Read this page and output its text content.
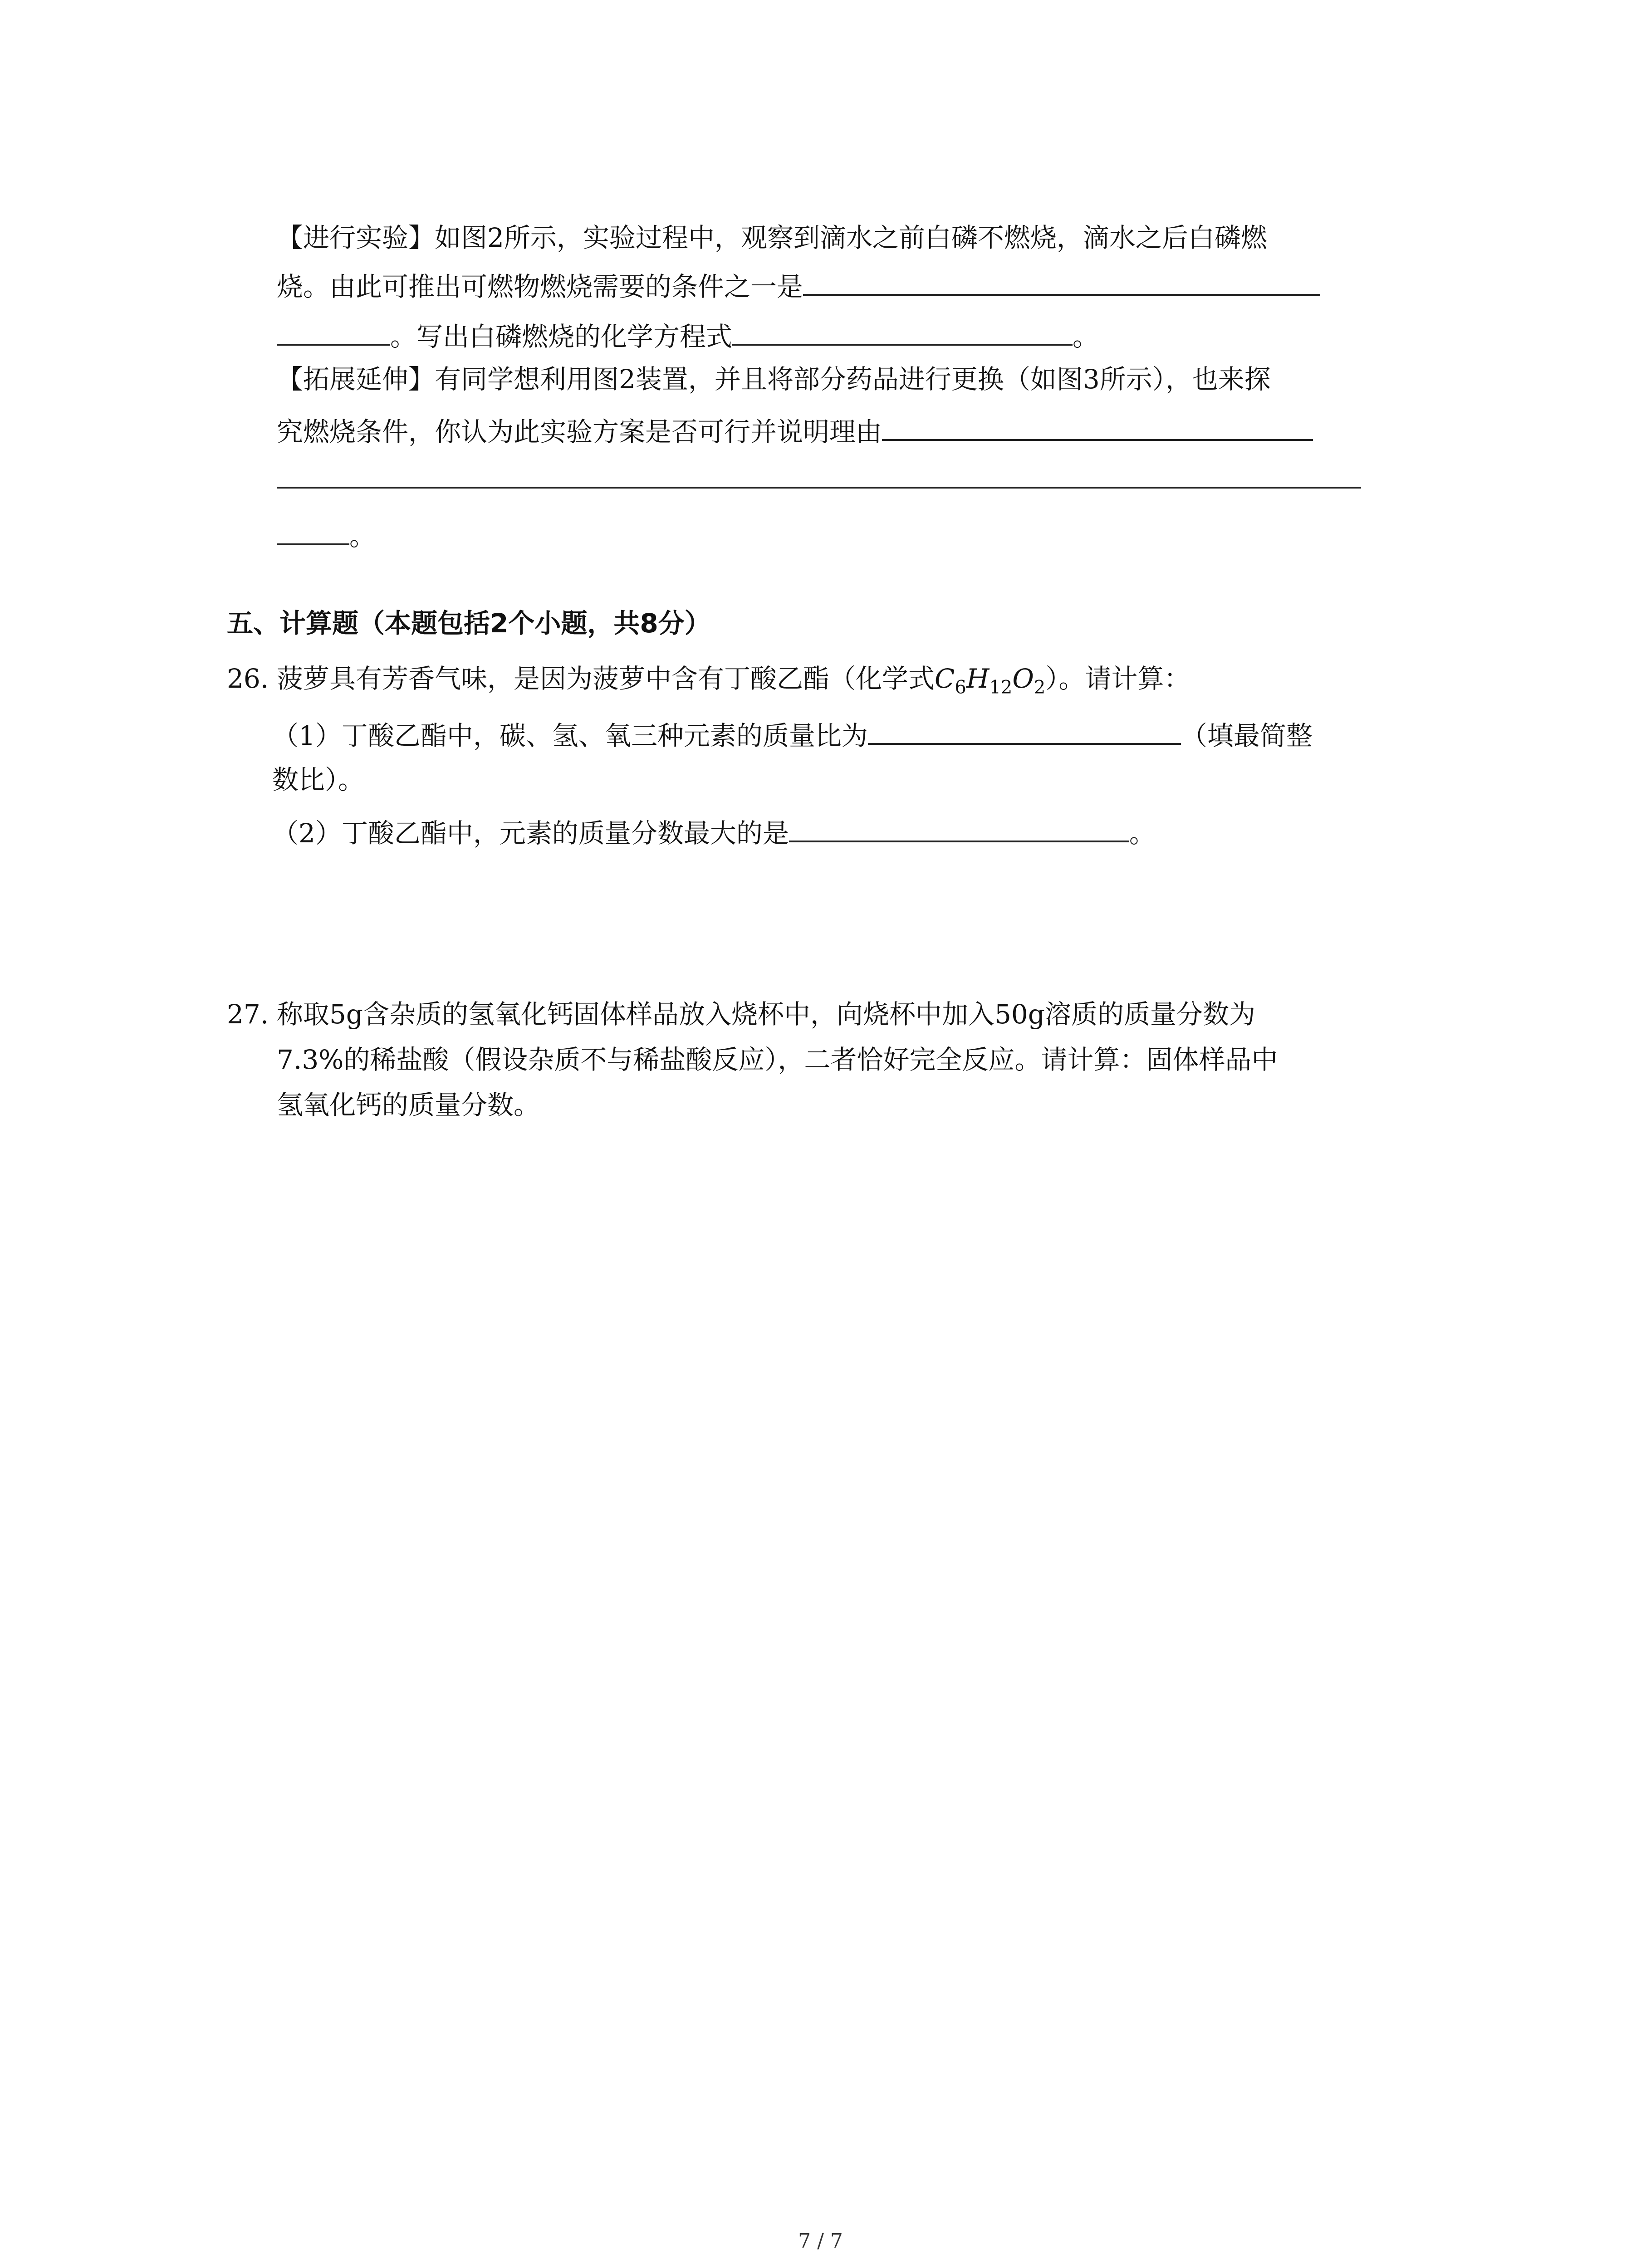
【进行实验】如图2所示，实验过程中，观察到滴水之前白磷不燃烧，滴水之后白磷燃
烧。由此可推出可燃物燃烧需要的条件之一是
。写出白磷燃烧的化学方程式	。
【拓展延伸】有同学想利用图2装置，并且将部分药品进行更换（如图3所示），也来探
究燃烧条件，你认为此实验方案是否可行并说明理由
。
五、计算题（本题包括2个小题，共8分）
26. 菠萝具有芳香气味，是因为菠萝中含有丁酸乙酯（化学式$C_6H_{12}O_2$）。请计算：
（1）丁酸乙酯中，碳、氢、氧三种元素的质量比为	（填最简整
数比）。
（2）丁酸乙酯中，元素的质量分数最大的是	。
27. 称取5g含杂质的氢氧化钙固体样品放入烧杯中，向烧杯中加入50g溶质的质量分数为
7.3%的稀盐酸（假设杂质不与稀盐酸反应），二者恰好完全反应。请计算：固体样品中
氢氧化钙的质量分数。
7 / 7
